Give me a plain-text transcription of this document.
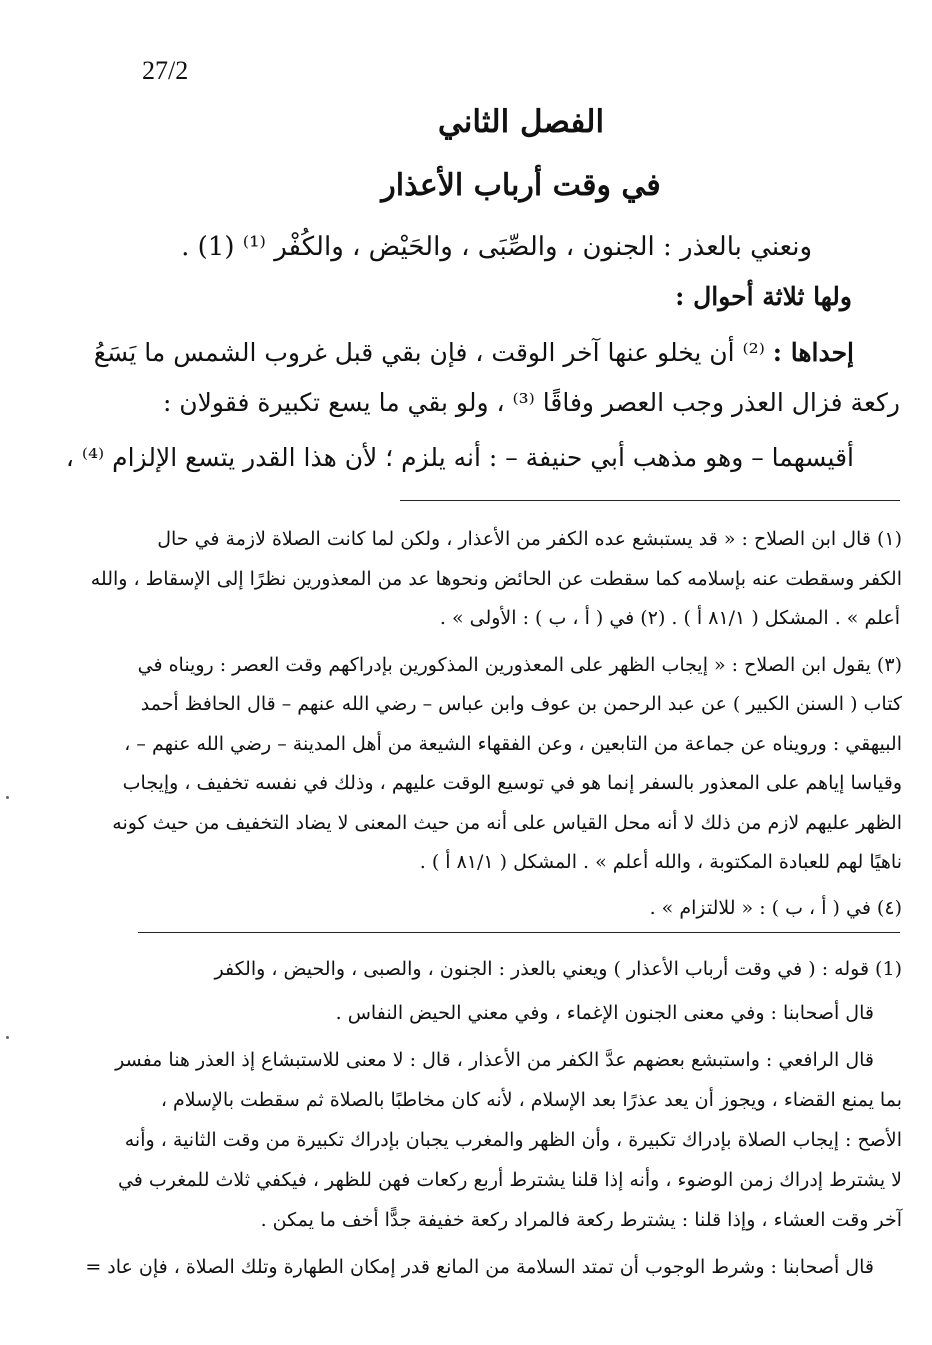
27/2
الفصل الثاني
في وقت أرباب الأعذار
ونعني بالعذر : الجنون ، والصِّبَى ، والحَيْض ، والكُفْر ⁽¹⁾ (1) .
ولها ثلاثة أحوال :
إحداها : ⁽²⁾ أن يخلو عنها آخر الوقت ، فإن بقي قبل غروب الشمس ما يَسَعُ
ركعة فزال العذر وجب العصر وفاقًا ⁽³⁾ ، ولو بقي ما يسع تكبيرة فقولان :
أقيسهما – وهو مذهب أبي حنيفة – : أنه يلزم ؛ لأن هذا القدر يتسع الإلزام ⁽⁴⁾ ،
(١) قال ابن الصلاح : « قد يستبشع عده الكفر من الأعذار ، ولكن لما كانت الصلاة لازمة في حال
الكفر وسقطت عنه بإسلامه كما سقطت عن الحائض ونحوها عد من المعذورين نظرًا إلى الإسقاط ، والله
أعلم » . المشكل ( ٨١/١ أ ) . (٢) في ( أ ، ب ) : الأولى » .
(٣) يقول ابن الصلاح : « إيجاب الظهر على المعذورين المذكورين بإدراكهم وقت العصر : رويناه في
كتاب ( السنن الكبير ) عن عبد الرحمن بن عوف وابن عباس – رضي الله عنهم – قال الحافظ أحمد
البيهقي : ورويناه عن جماعة من التابعين ، وعن الفقهاء الشيعة من أهل المدينة – رضي الله عنهم – ،
وقياسا إياهم على المعذور بالسفر إنما هو في توسيع الوقت عليهم ، وذلك في نفسه تخفيف ، وإيجاب
الظهر عليهم لازم من ذلك لا أنه محل القياس على أنه من حيث المعنى لا يضاد التخفيف من حيث كونه
ناهيًا لهم للعبادة المكتوبة ، والله أعلم » . المشكل ( ٨١/١ أ ) .
(٤) في ( أ ، ب ) : « للالتزام » .
(1) قوله : ( في وقت أرباب الأعذار ) ويعني بالعذر : الجنون ، والصبى ، والحيض ، والكفر
قال أصحابنا : وفي معنى الجنون الإغماء ، وفي معني الحيض النفاس .
قال الرافعي : واستبشع بعضهم عدَّ الكفر من الأعذار ، قال : لا معنى للاستبشاع إذ العذر هنا مفسر
بما يمنع القضاء ، ويجوز أن يعد عذرًا بعد الإسلام ، لأنه كان مخاطبًا بالصلاة ثم سقطت بالإسلام ،
الأصح : إيجاب الصلاة بإدراك تكبيرة ، وأن الظهر والمغرب يجبان بإدراك تكبيرة من وقت الثانية ، وأنه
لا يشترط إدراك زمن الوضوء ، وأنه إذا قلنا يشترط أربع ركعات فهن للظهر ، فيكفي ثلاث للمغرب في
آخر وقت العشاء ، وإذا قلنا : يشترط ركعة فالمراد ركعة خفيفة جدًّا أخف ما يمكن .
قال أصحابنا : وشرط الوجوب أن تمتد السلامة من المانع قدر إمكان الطهارة وتلك الصلاة ، فإن عاد =
